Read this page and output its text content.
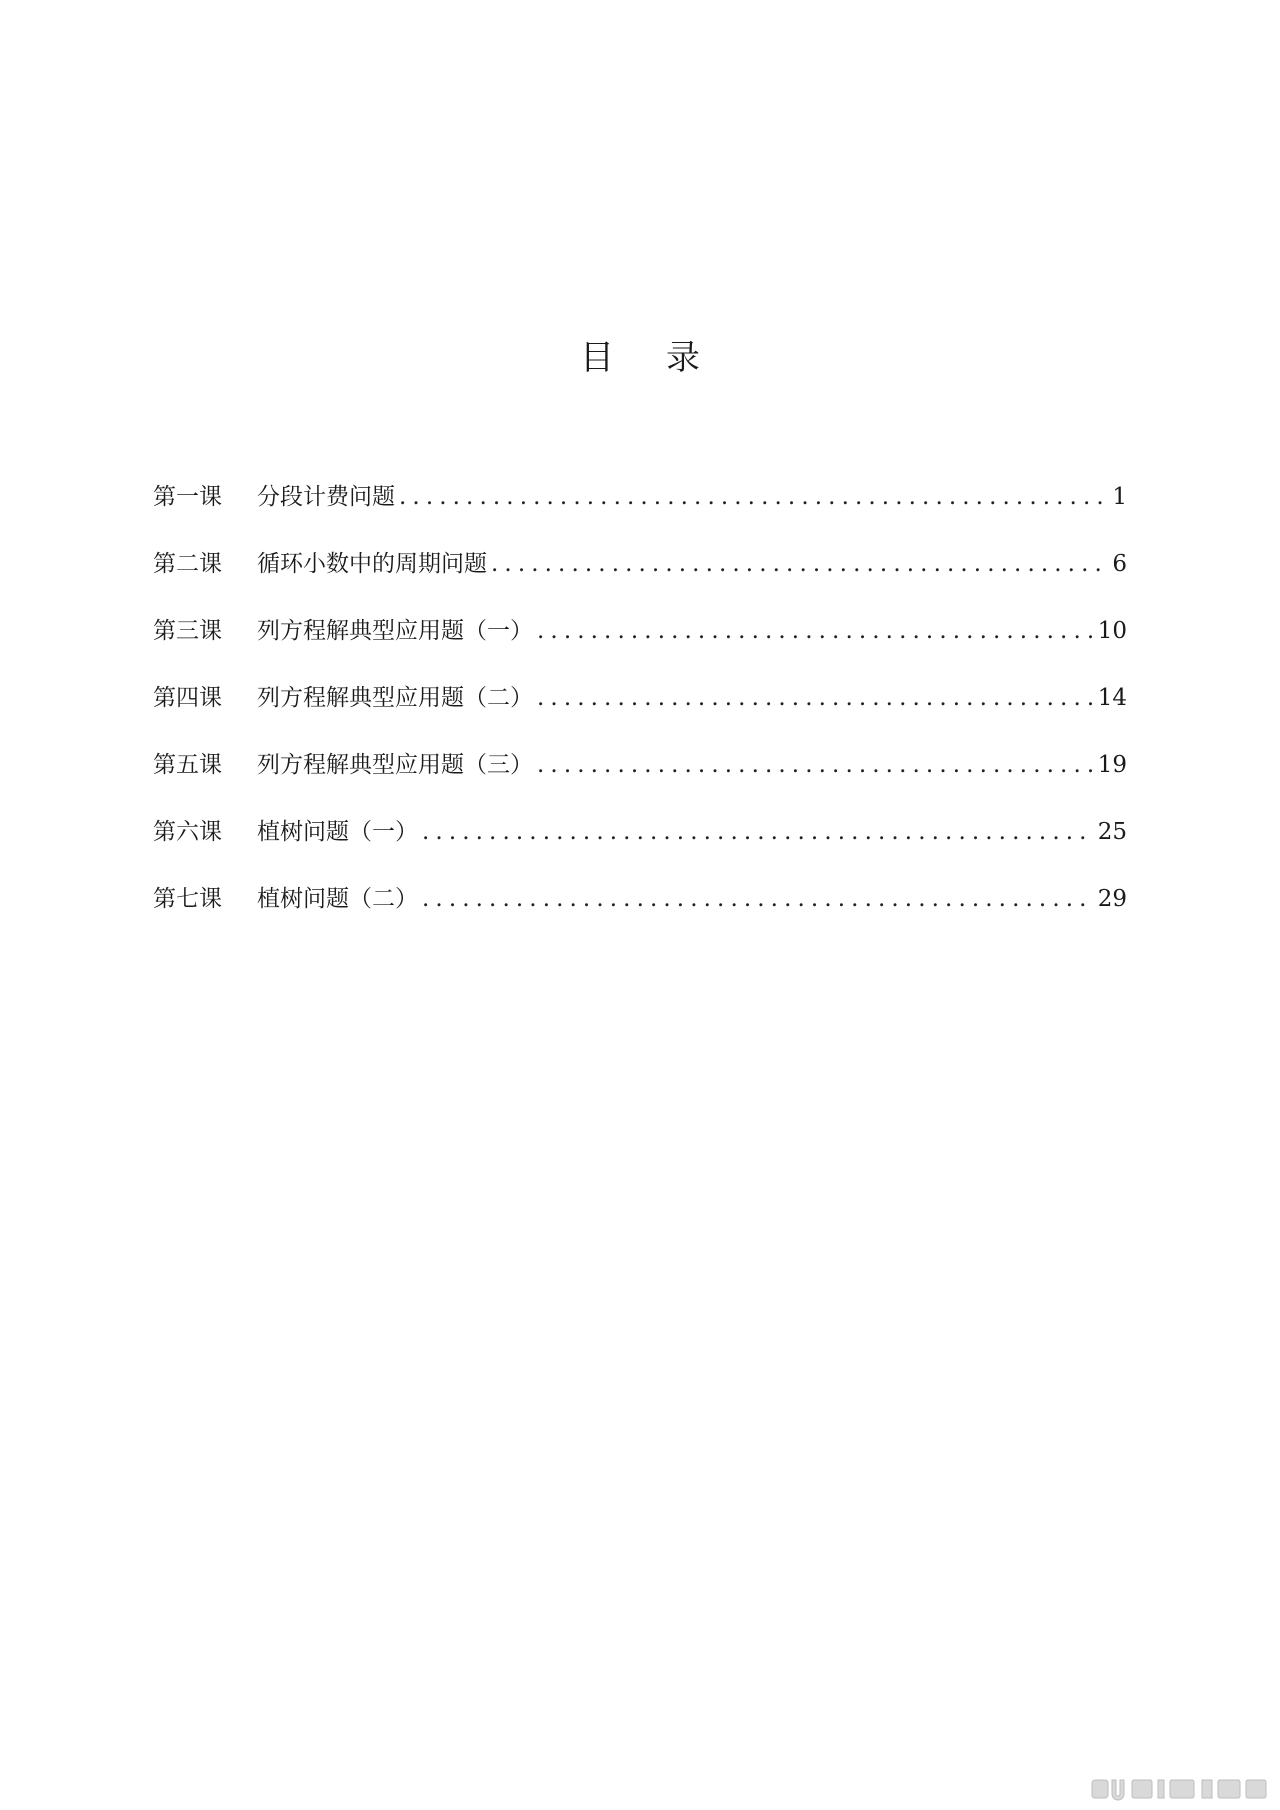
目 录
第一课	分段计费问题 .....	1
第二课	循环小数中的周期问题 .....	6
第三课	列方程解典型应用题（一） .....	10
第四课	列方程解典型应用题（二） .....	14
第五课	列方程解典型应用题（三） .....	19
第六课	植树问题（一） .....	25
第七课	植树问题（二） .....	29
